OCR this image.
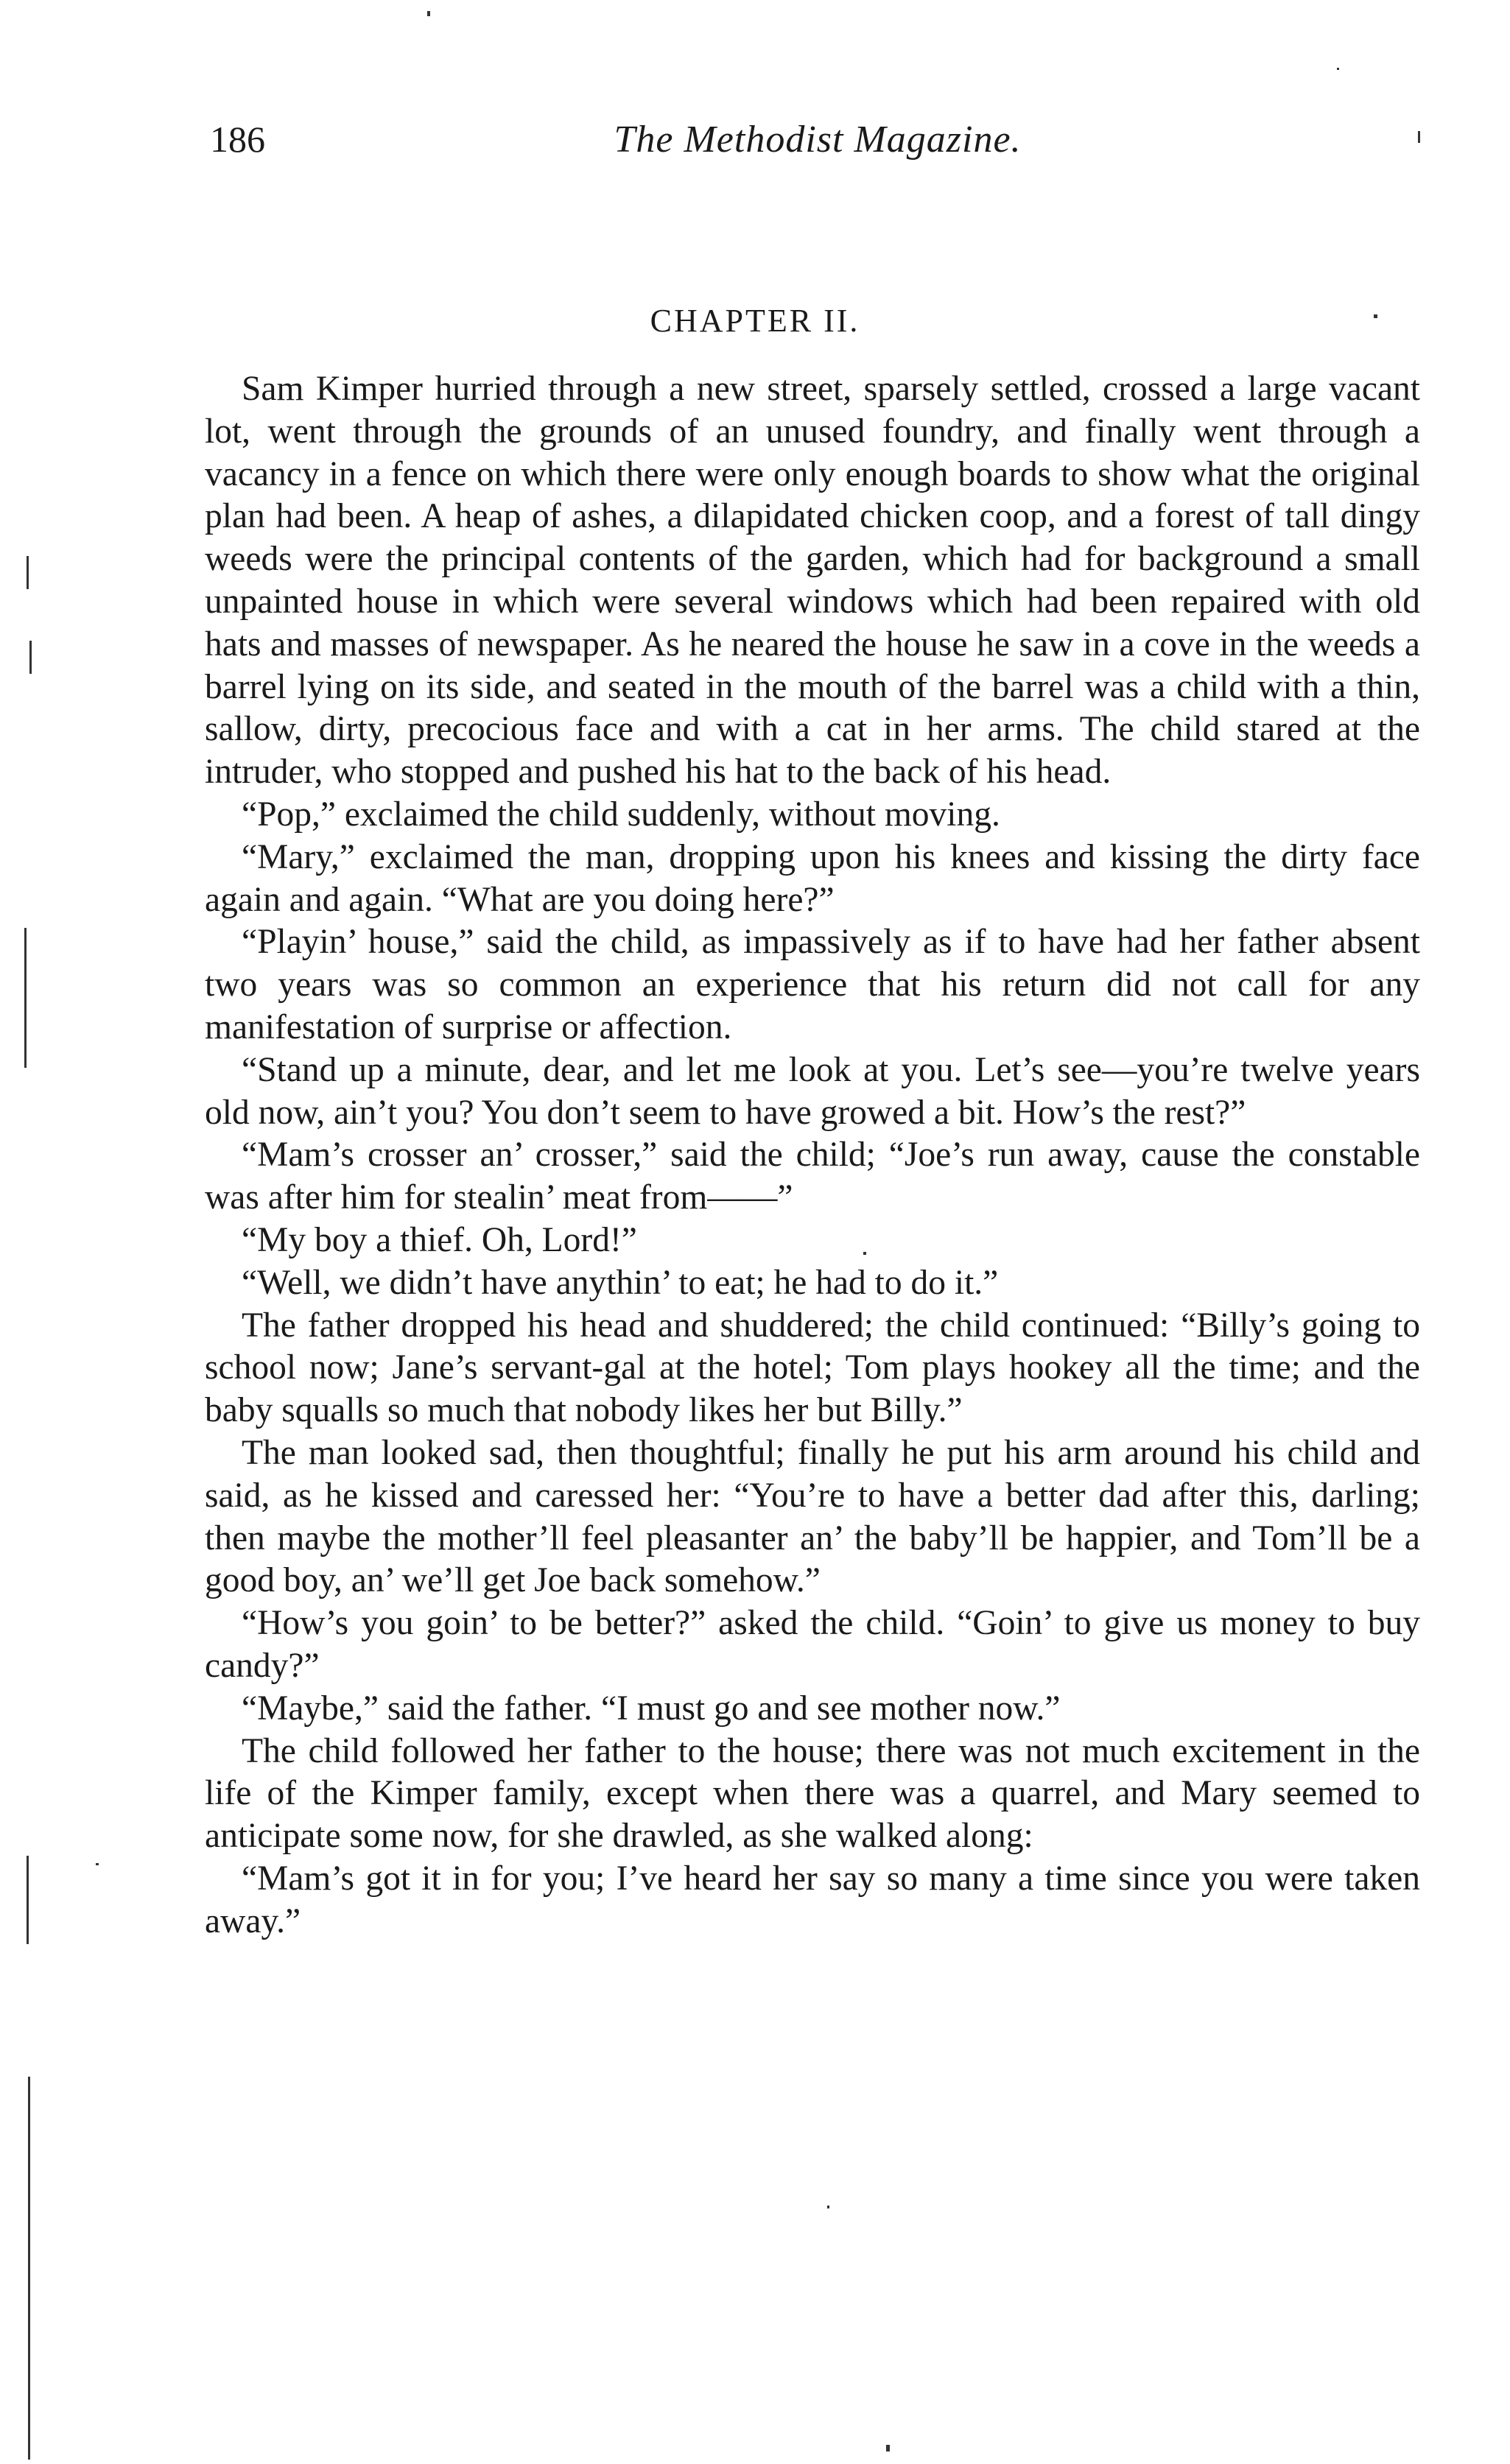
186	The Methodist Magazine.
CHAPTER II.

Sam Kimper hurried through a new street, sparsely settled, crossed a large vacant lot, went through the grounds of an unused foundry, and finally went through a vacancy in a fence on which there were only enough boards to show what the original plan had been. A heap of ashes, a dilapidated chicken coop, and a forest of tall dingy weeds were the principal contents of the garden, which had for background a small unpainted house in which were several windows which had been repaired with old hats and masses of newspaper. As he neared the house he saw in a cove in the weeds a barrel lying on its side, and seated in the mouth of the barrel was a child with a thin, sallow, dirty, precocious face and with a cat in her arms. The child stared at the intruder, who stopped and pushed his hat to the back of his head.

“Pop,” exclaimed the child suddenly, without moving.

“Mary,” exclaimed the man, dropping upon his knees and kissing the dirty face again and again. “What are you doing here?”

“Playin’ house,” said the child, as impassively as if to have had her father absent two years was so common an experience that his return did not call for any manifestation of surprise or affection.

“Stand up a minute, dear, and let me look at you. Let’s see—you’re twelve years old now, ain’t you? You don’t seem to have growed a bit. How’s the rest?”

“Mam’s crosser an’ crosser,” said the child; “Joe’s run away, cause the constable was after him for stealin’ meat from——”

“My boy a thief. Oh, Lord!”

“Well, we didn’t have anythin’ to eat; he had to do it.”

The father dropped his head and shuddered; the child continued: “Billy’s going to school now; Jane’s servant-gal at the hotel; Tom plays hookey all the time; and the baby squalls so much that nobody likes her but Billy.”

The man looked sad, then thoughtful; finally he put his arm around his child and said, as he kissed and caressed her: “You’re to have a better dad after this, darling; then maybe the mother’ll feel pleasanter an’ the baby’ll be happier, and Tom’ll be a good boy, an’ we’ll get Joe back somehow.”

“How’s you goin’ to be better?” asked the child. “Goin’ to give us money to buy candy?”

“Maybe,” said the father. “I must go and see mother now.”

The child followed her father to the house; there was not much excitement in the life of the Kimper family, except when there was a quarrel, and Mary seemed to anticipate some now, for she drawled, as she walked along:

“Mam’s got it in for you; I’ve heard her say so many a time since you were taken away.”
